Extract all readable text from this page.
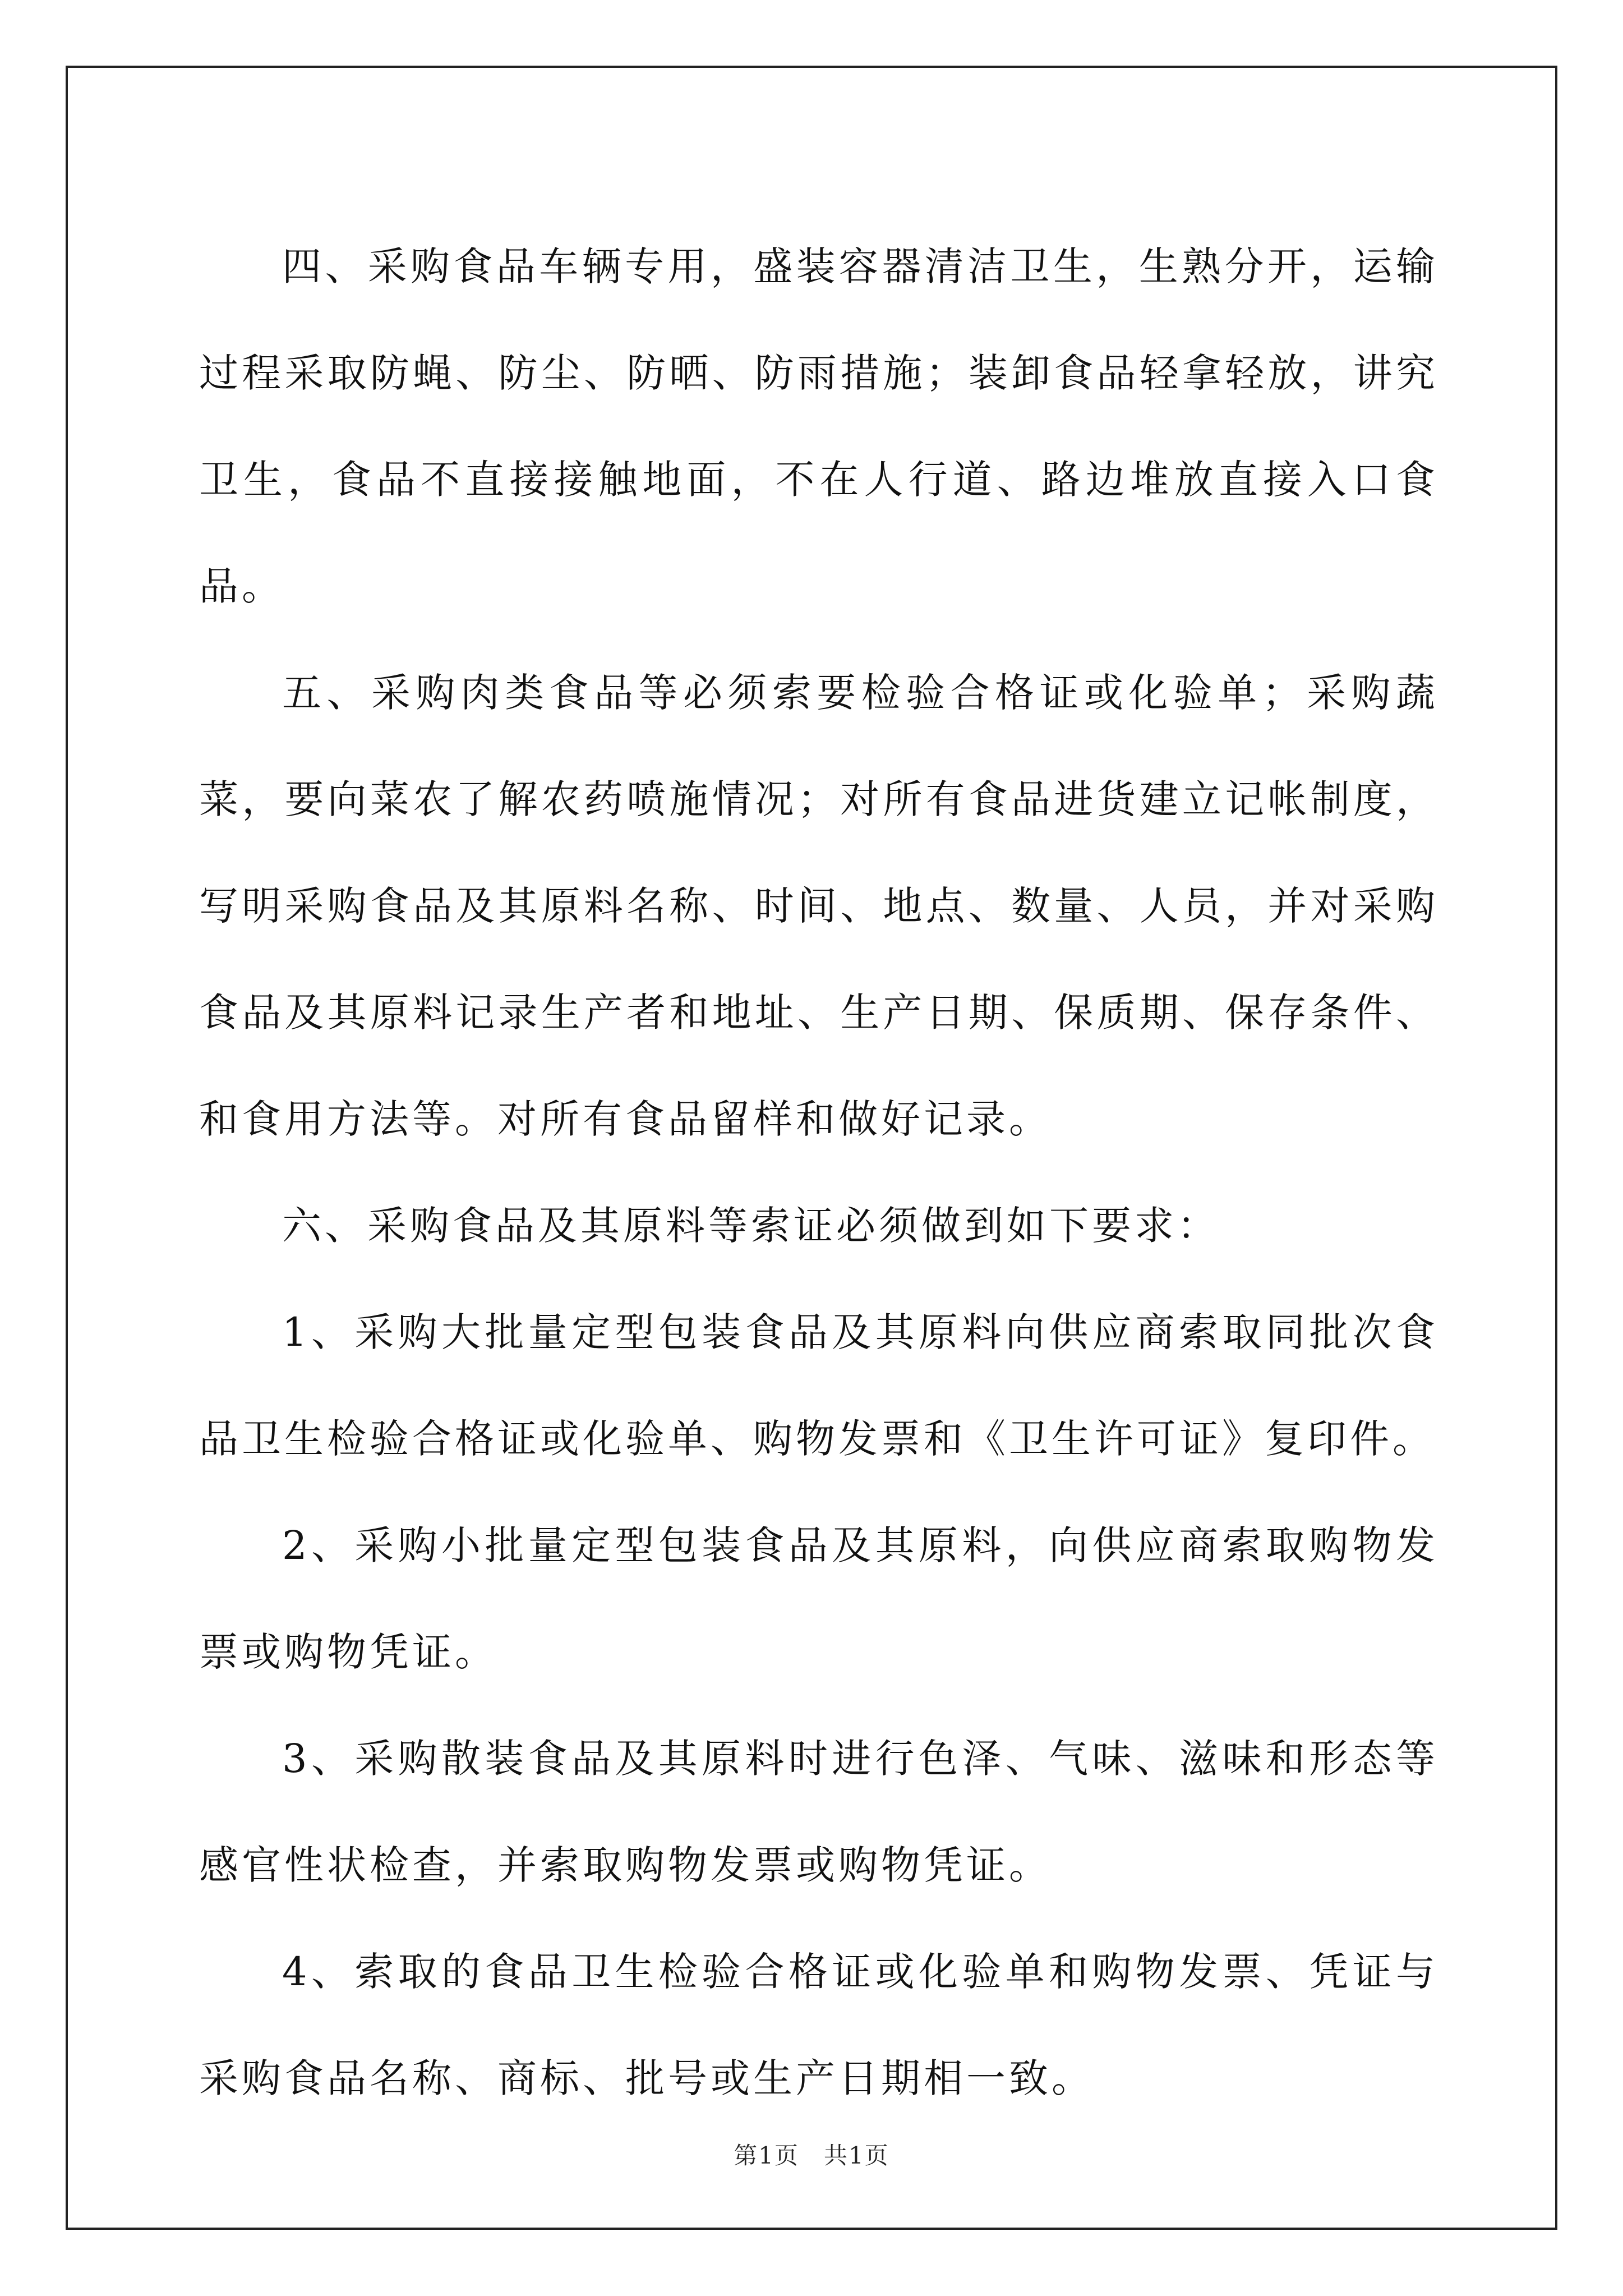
四、采购食品车辆专用，盛装容器清洁卫生，生熟分开，运输过程采取防蝇、防尘、防晒、防雨措施；装卸食品轻拿轻放，讲究卫生，食品不直接接触地面，不在人行道、路边堆放直接入口食品。

五、采购肉类食品等必须索要检验合格证或化验单；采购蔬菜，要向菜农了解农药喷施情况；对所有食品进货建立记帐制度，写明采购食品及其原料名称、时间、地点、数量、人员，并对采购食品及其原料记录生产者和地址、生产日期、保质期、保存条件、和食用方法等。对所有食品留样和做好记录。

六、采购食品及其原料等索证必须做到如下要求：

1、采购大批量定型包装食品及其原料向供应商索取同批次食品卫生检验合格证或化验单、购物发票和《卫生许可证》复印件。

2、采购小批量定型包装食品及其原料，向供应商索取购物发票或购物凭证。

3、采购散装食品及其原料时进行色泽、气味、滋味和形态等感官性状检查，并索取购物发票或购物凭证。

4、索取的食品卫生检验合格证或化验单和购物发票、凭证与采购食品名称、商标、批号或生产日期相一致。

第1页　共1页
